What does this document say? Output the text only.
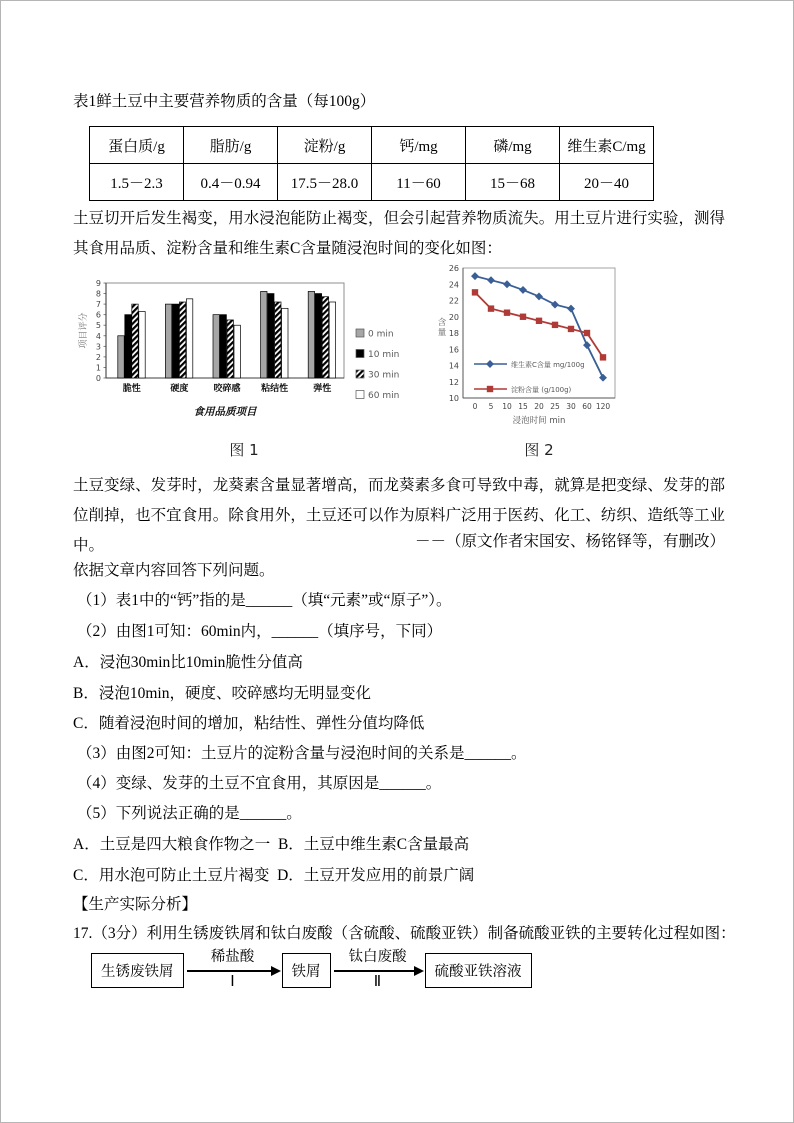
表1鲜土豆中主要营养物质的含量（每100g）
蛋白质/g	脂肪/g	淀粉/g	钙/mg	磷/mg	维生素C/mg
1.5－2.3	0.4－0.94	17.5－28.0	11－60	15－68	20－40
土豆切开后发生褐变，用水浸泡能防止褐变，但会引起营养物质流失。用土豆片进行实验，测得其食用品质、淀粉含量和维生素C含量随浸泡时间的变化如图：
0
1
2
3
4
5
6
7
8
9
脆性	硬度	咬碎感 粘结性	弹性
0 min
10 min
30 min
60 min
食用品质项目
项目评分
图 1
10
12
14
16
18
20
22
24
26
0 5 10 15 20 25 30 60 120
维生素C含量 mg/100g
淀粉含量 (g/100g)
浸泡时间 min
含量
图 2
土豆变绿、发芽时，龙葵素含量显著增高，而龙葵素多食可导致中毒，就算是把变绿、发芽的部位削掉，也不宜食用。除食用外，土豆还可以作为原料广泛用于医药、化工、纺织、造纸等工业中。	－－（原文作者宋国安、杨铭铎等，有删改）
依据文章内容回答下列问题。
（1）表1中的“钙”指的是______（填“元素”或“原子”）。
（2）由图1可知：60min内，______（填序号，下同）
A．浸泡30min比10min脆性分值高
B．浸泡10min，硬度、咬碎感均无明显变化
C．随着浸泡时间的增加，粘结性、弹性分值均降低
（3）由图2可知：土豆片的淀粉含量与浸泡时间的关系是______。
（4）变绿、发芽的土豆不宜食用，其原因是______。
（5）下列说法正确的是______。
A．土豆是四大粮食作物之一  B．土豆中维生素C含量最高
C．用水泡可防止土豆片褐变  D．土豆开发应用的前景广阔
【生产实际分析】
17.（3分）利用生锈废铁屑和钛白废酸（含硫酸、硫酸亚铁）制备硫酸亚铁的主要转化过程如图：
生锈废铁屑
稀盐酸
Ⅰ
铁屑
钛白废酸
Ⅱ
硫酸亚铁溶液
